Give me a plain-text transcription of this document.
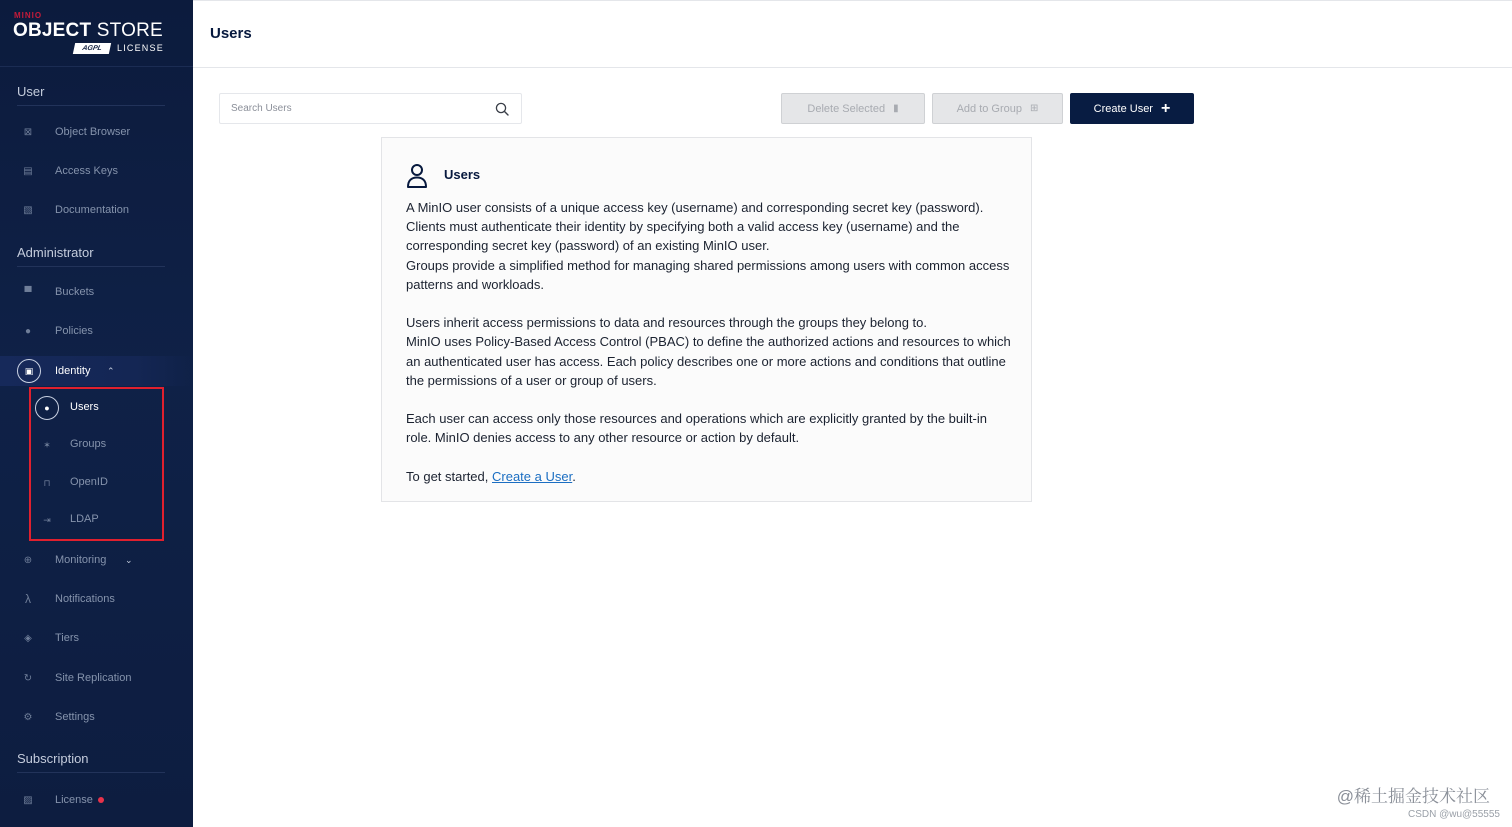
MINIO
OBJECT STORE
AGPL	LICENSE
User
⊠ Object Browser
▤ Access Keys
▧ Documentation
Administrator
▀	Buckets
●	Policies
▣	Identity ⌃
●	Users
✶ Groups
⊓	OpenID
⇥ LDAP
⊕ Monitoring ⌄
λ	Notifications
◈ Tiers
↻ Site Replication
⚙ Settings
Subscription
▨ License
Users
Search Users
Delete Selected ▮	Add to Group ⊞	Create User +
Users

A MinIO user consists of a unique access key (username) and corresponding secret key (password). Clients must authenticate their identity by specifying both a valid access key (username) and the corresponding secret key (password) of an existing MinIO user.
Groups provide a simplified method for managing shared permissions among users with common access patterns and workloads.

Users inherit access permissions to data and resources through the groups they belong to.
MinIO uses Policy-Based Access Control (PBAC) to define the authorized actions and resources to which an authenticated user has access. Each policy describes one or more actions and conditions that outline the permissions of a user or group of users.

Each user can access only those resources and operations which are explicitly granted by the built-in role. MinIO denies access to any other resource or action by default.

To get started, Create a User.

@稀土掘金技术社区
CSDN @wu@55555
